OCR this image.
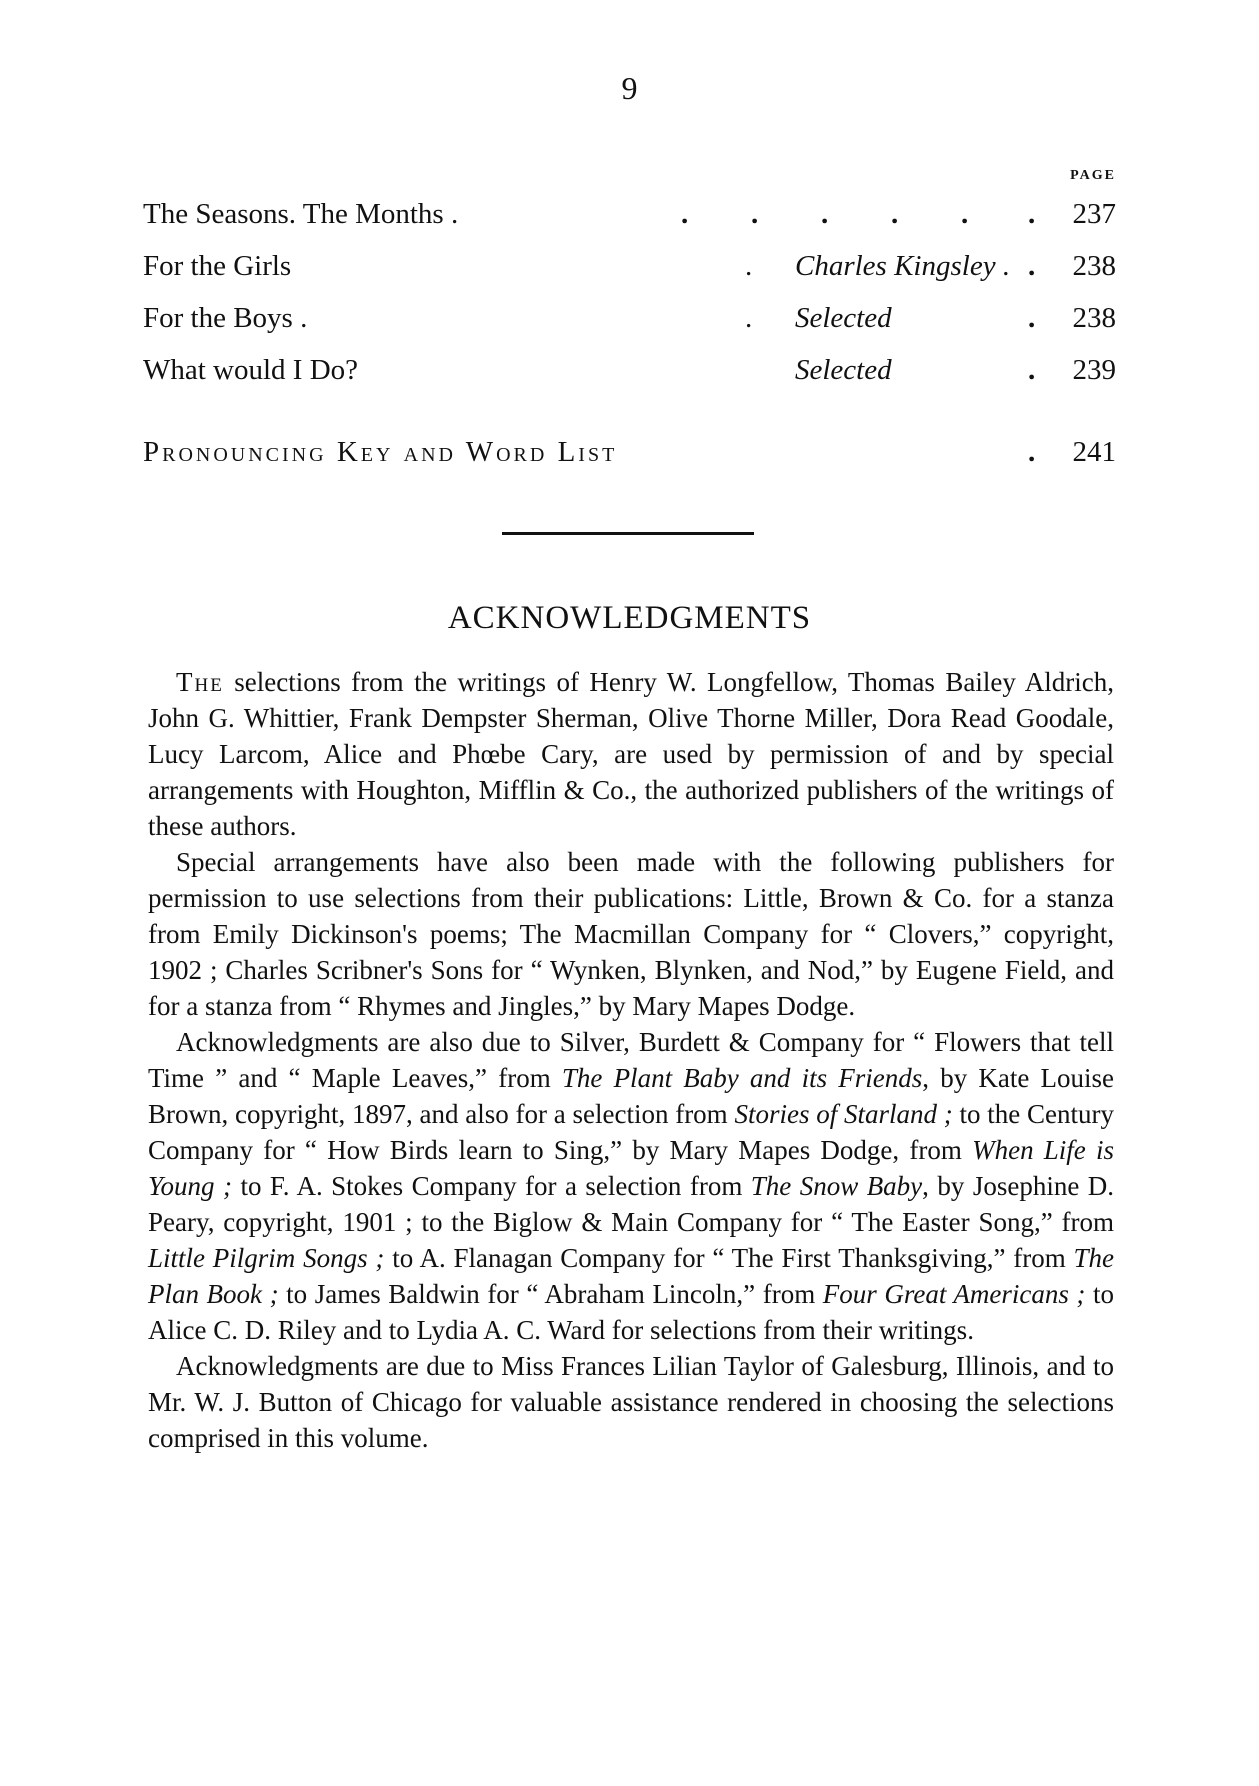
9
PAGE
The Seasons. The Months .	. . . . . . 237
For the Girls	. Charles Kingsley . . 238
For the Boys .	. Selected	. 238
What would I Do?	Selected	. 239
Pronouncing Key and Word List	. 241
ACKNOWLEDGMENTS

The selections from the writings of Henry W. Longfellow, Thomas Bailey Aldrich, John G. Whittier, Frank Dempster Sherman, Olive Thorne Miller, Dora Read Goodale, Lucy Larcom, Alice and Phœbe Cary, are used by permission of and by special arrangements with Houghton, Mifflin & Co., the authorized publishers of the writings of these authors.

Special arrangements have also been made with the following publishers for permission to use selections from their publications: Little, Brown & Co. for a stanza from Emily Dickinson's poems; The Macmillan Company for “ Clovers,” copyright, 1902 ; Charles Scribner's Sons for “ Wynken, Blynken, and Nod,” by Eugene Field, and for a stanza from “ Rhymes and Jingles,” by Mary Mapes Dodge.

Acknowledgments are also due to Silver, Burdett & Company for “ Flowers that tell Time ” and “ Maple Leaves,” from The Plant Baby and its Friends, by Kate Louise Brown, copyright, 1897, and also for a selection from Stories of Starland ; to the Century Company for “ How Birds learn to Sing,” by Mary Mapes Dodge, from When Life is Young ; to F. A. Stokes Company for a selection from The Snow Baby, by Josephine D. Peary, copyright, 1901 ; to the Biglow & Main Company for “ The Easter Song,” from Little Pilgrim Songs ; to A. Flanagan Company for “ The First Thanksgiving,” from The Plan Book ; to James Baldwin for “ Abraham Lincoln,” from Four Great Americans ; to Alice C. D. Riley and to Lydia A. C. Ward for selections from their writings.

Acknowledgments are due to Miss Frances Lilian Taylor of Galesburg, Illinois, and to Mr. W. J. Button of Chicago for valuable assistance rendered in choosing the selections comprised in this volume.
